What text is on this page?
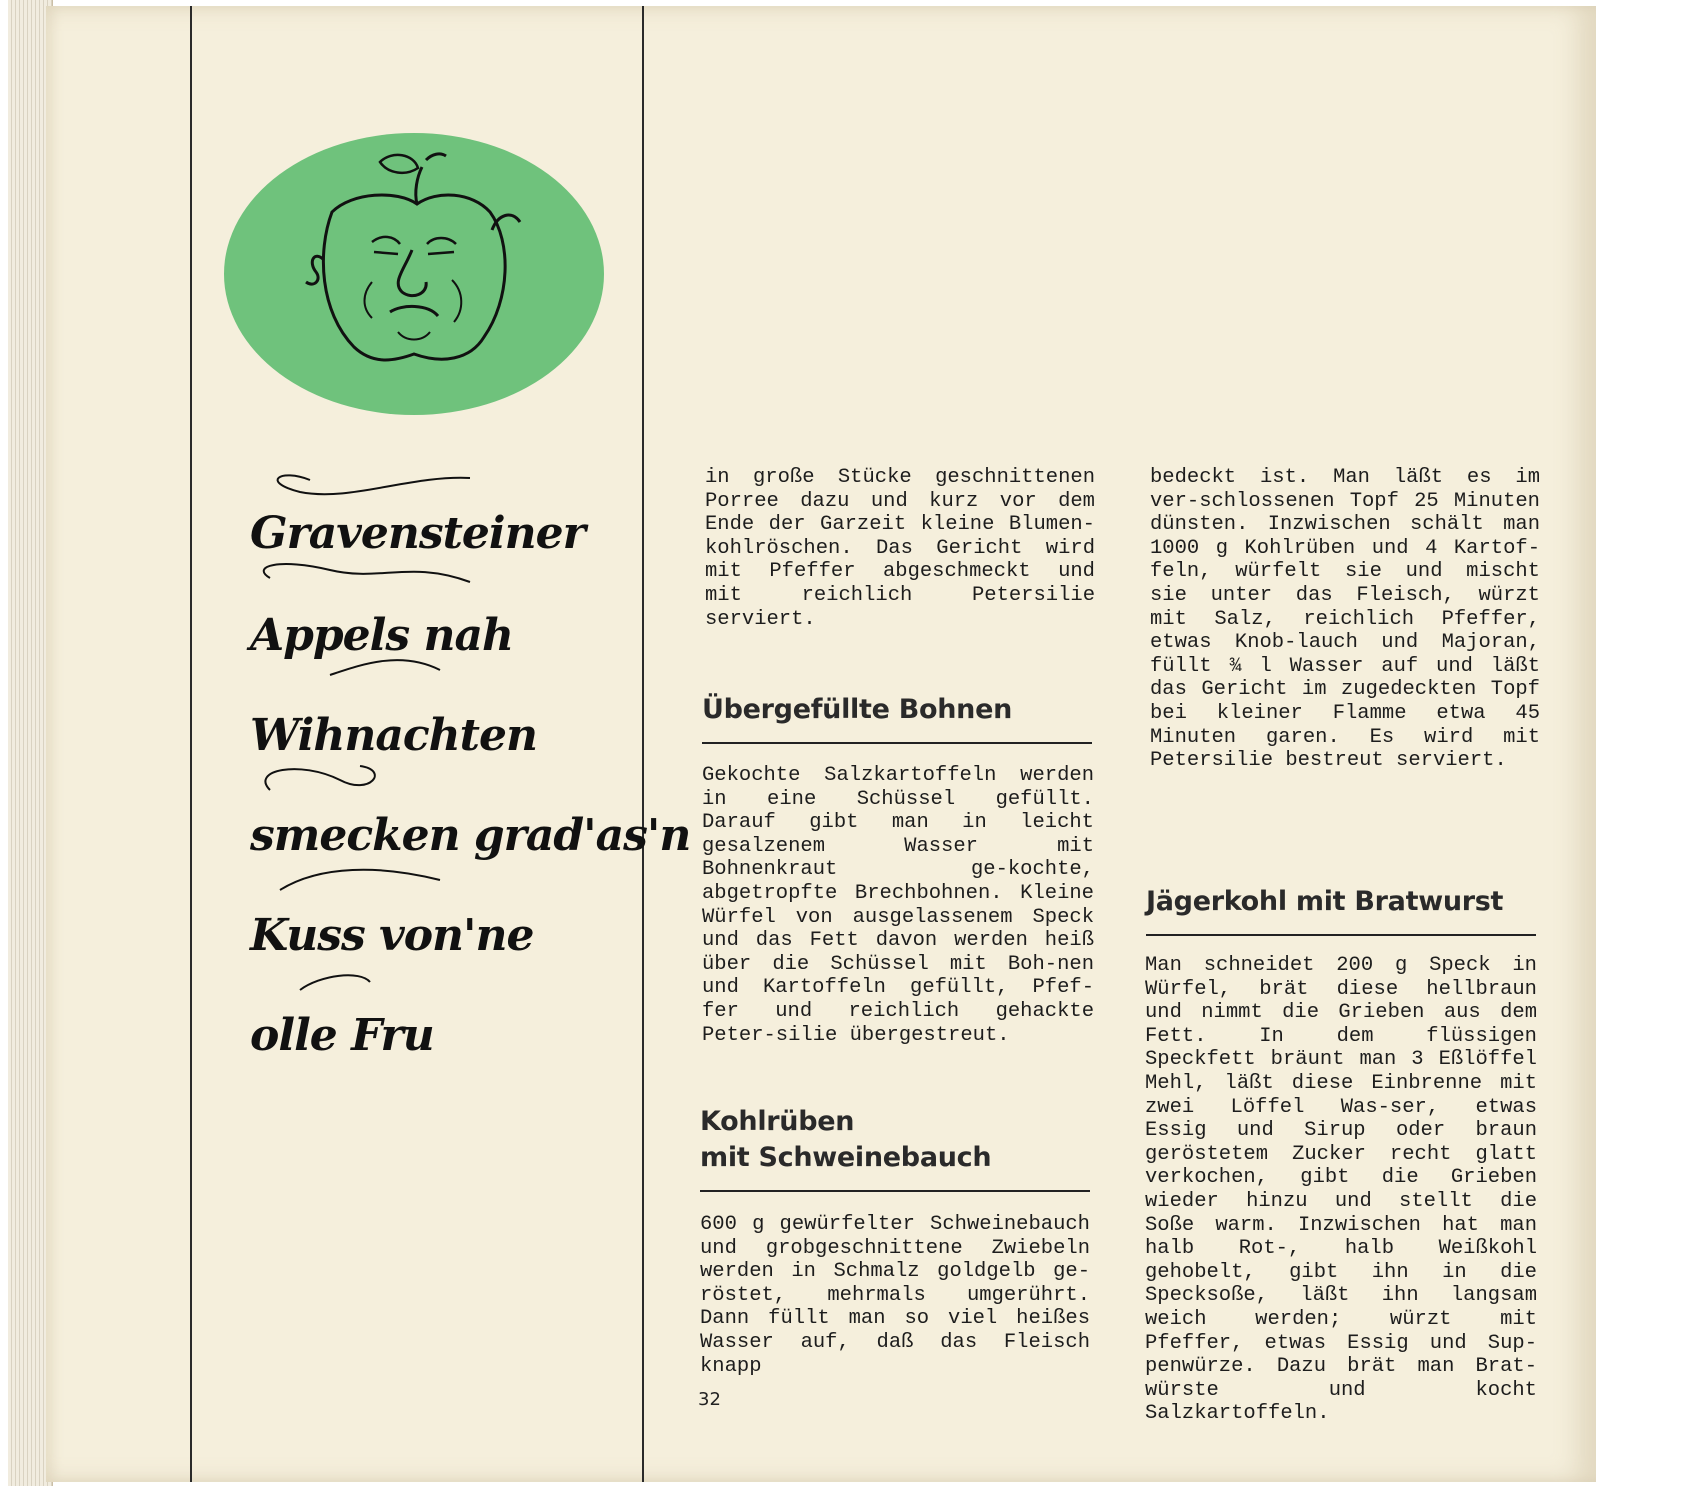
Gravensteiner
Appels nah
Wihnachten
smecken grad'as'n
Kuss von'ne
olle Fru

in große Stücke geschnittenen Porree dazu und kurz vor dem Ende der Garzeit kleine Blumen-kohlröschen. Das Gericht wird mit Pfeffer abgeschmeckt und mit reichlich Petersilie serviert.

Übergefüllte Bohnen

Gekochte Salzkartoffeln werden in eine Schüssel gefüllt. Darauf gibt man in leicht gesalzenem Wasser mit Bohnenkraut ge-kochte, abgetropfte Brechbohnen. Kleine Würfel von ausgelassenem Speck und das Fett davon werden heiß über die Schüssel mit Boh-nen und Kartoffeln gefüllt, Pfef-fer und reichlich gehackte Peter-silie übergestreut.

Kohlrüben
mit Schweinebauch

600 g gewürfelter Schweinebauch und grobgeschnittene Zwiebeln werden in Schmalz goldgelb ge-röstet, mehrmals umgerührt. Dann füllt man so viel heißes Wasser auf, daß das Fleisch knapp

bedeckt ist. Man läßt es im ver-schlossenen Topf 25 Minuten dünsten. Inzwischen schält man 1000 g Kohlrüben und 4 Kartof-feln, würfelt sie und mischt sie unter das Fleisch, würzt mit Salz, reichlich Pfeffer, etwas Knob-lauch und Majoran, füllt ¾ l Wasser auf und läßt das Gericht im zugedeckten Topf bei kleiner Flamme etwa 45 Minuten garen. Es wird mit Petersilie bestreut serviert.

Jägerkohl mit Bratwurst

Man schneidet 200 g Speck in Würfel, brät diese hellbraun und nimmt die Grieben aus dem Fett. In dem flüssigen Speckfett bräunt man 3 Eßlöffel Mehl, läßt diese Einbrenne mit zwei Löffel Was-ser, etwas Essig und Sirup oder braun geröstetem Zucker recht glatt verkochen, gibt die Grieben wieder hinzu und stellt die Soße warm. Inzwischen hat man halb Rot-, halb Weißkohl gehobelt, gibt ihn in die Specksoße, läßt ihn langsam weich werden; würzt mit Pfeffer, etwas Essig und Sup-penwürze. Dazu brät man Brat-würste und kocht Salzkartoffeln.

32
